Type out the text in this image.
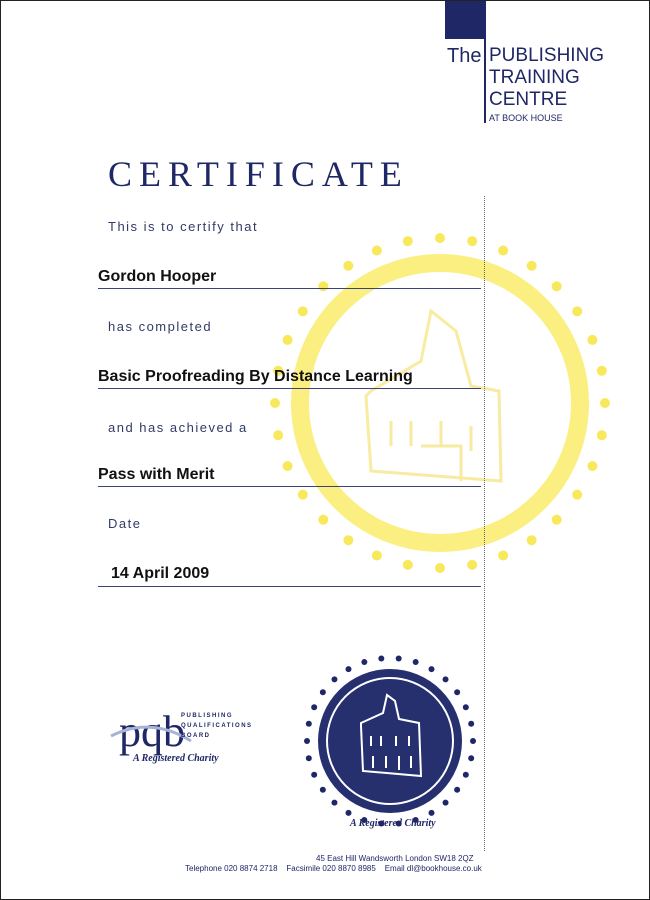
pqb
The PUBLISHING
TRAINING
CENTRE
AT BOOK HOUSE
CERTIFICATE
This is to certify that
Gordon Hooper
has completed
Basic Proofreading By Distance Learning
and has achieved a
Pass with Merit
Date
14 April 2009
PUBLISHING
QUALIFICATIONS
BOARD
A Registered Charity
A Registered Charity
45 East Hill Wandsworth London SW18 2QZ
Telephone 020 8874 2718    Facsimile 020 8870 8985    Email dl@bookhouse.co.uk
